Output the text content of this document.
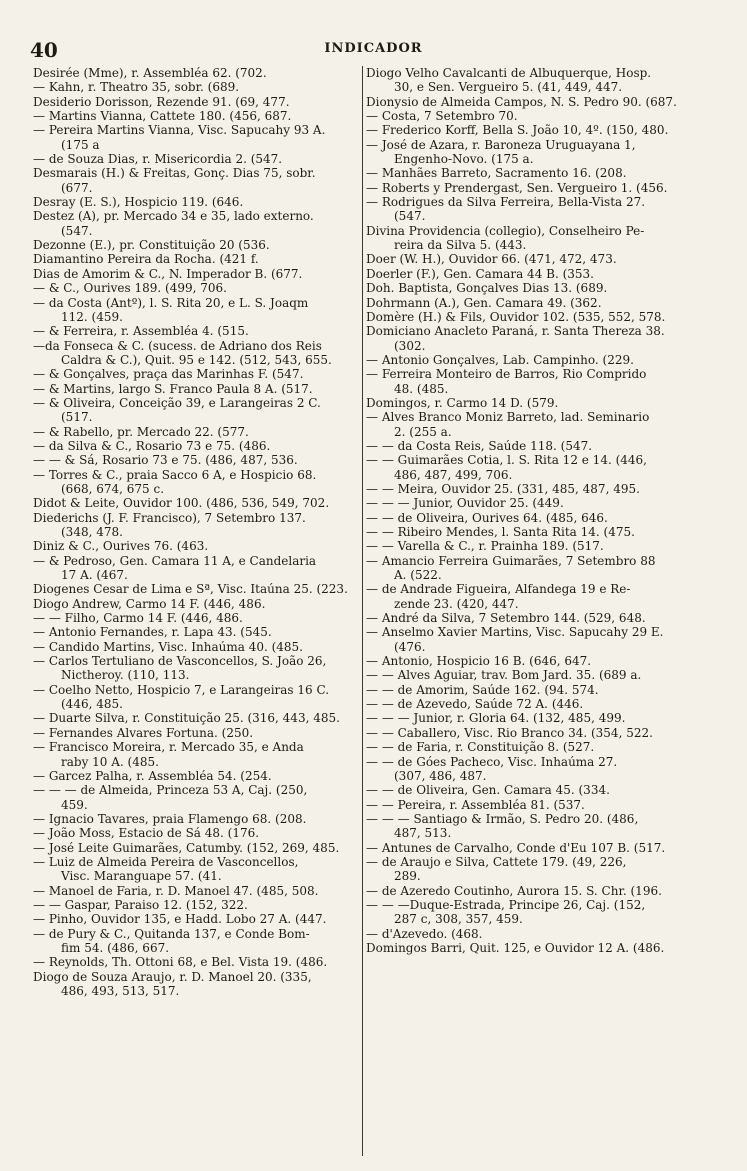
40	INDICADOR
Desirée (Mme), r. Assembléa 62. (702.
— Kahn, r. Theatro 35, sobr. (689.
Desiderio Dorisson, Rezende 91. (69, 477.
— Martins Vianna, Cattete 180. (456, 687.
— Pereira Martins Vianna, Visc. Sapucahy 93 A.
(175 a
— de Souza Dias, r. Misericordia 2. (547.
Desmarais (H.) & Freitas, Gonç. Dias 75, sobr.
(677.
Desray (E. S.), Hospicio 119. (646.
Destez (A), pr. Mercado 34 e 35, lado externo.
(547.
Dezonne (E.), pr. Constituição 20 (536.
Diamantino Pereira da Rocha. (421 f.
Dias de Amorim & C., N. Imperador B. (677.
— & C., Ourives 189. (499, 706.
— da Costa (Antº), l. S. Rita 20, e L. S. Joaqm
112. (459.
— & Ferreira, r. Assembléa 4. (515.
—da Fonseca & C. (sucess. de Adriano dos Reis
Caldra & C.), Quit. 95 e 142. (512, 543, 655.
— & Gonçalves, praça das Marinhas F. (547.
— & Martins, largo S. Franco Paula 8 A. (517.
— & Oliveira, Conceição 39, e Larangeiras 2 C.
(517.
— & Rabello, pr. Mercado 22. (577.
— da Silva & C., Rosario 73 e 75. (486.
— — & Sá, Rosario 73 e 75. (486, 487, 536.
— Torres & C., praia Sacco 6 A, e Hospicio 68.
(668, 674, 675 c.
Didot & Leite, Ouvidor 100. (486, 536, 549, 702.
Diederichs (J. F. Francisco), 7 Setembro 137.
(348, 478.
Diniz & C., Ourives 76. (463.
— & Pedroso, Gen. Camara 11 A, e Candelaria
17 A. (467.
Diogenes Cesar de Lima e Sª, Visc. Itaúna 25. (223.
Diogo Andrew, Carmo 14 F. (446, 486.
— — Filho, Carmo 14 F. (446, 486.
— Antonio Fernandes, r. Lapa 43. (545.
— Candido Martins, Visc. Inhaúma 40. (485.
— Carlos Tertuliano de Vasconcellos, S. João 26,
Nictheroy. (110, 113.
— Coelho Netto, Hospicio 7, e Larangeiras 16 C.
(446, 485.
— Duarte Silva, r. Constituição 25. (316, 443, 485.
— Fernandes Alvares Fortuna. (250.
— Francisco Moreira, r. Mercado 35, e Anda
raby 10 A. (485.
— Garcez Palha, r. Assembléa 54. (254.
— — — de Almeida, Princeza 53 A, Caj. (250,
459.
— Ignacio Tavares, praia Flamengo 68. (208.
— João Moss, Estacio de Sá 48. (176.
— José Leite Guimarães, Catumby. (152, 269, 485.
— Luiz de Almeida Pereira de Vasconcellos,
Visc. Maranguape 57. (41.
— Manoel de Faria, r. D. Manoel 47. (485, 508.
— — Gaspar, Paraiso 12. (152, 322.
— Pinho, Ouvidor 135, e Hadd. Lobo 27 A. (447.
— de Pury & C., Quitanda 137, e Conde Bom-
fim 54. (486, 667.
— Reynolds, Th. Ottoni 68, e Bel. Vista 19. (486.
Diogo de Souza Araujo, r. D. Manoel 20. (335,
486, 493, 513, 517.
Diogo Velho Cavalcanti de Albuquerque, Hosp.
30, e Sen. Vergueiro 5. (41, 449, 447.
Dionysio de Almeida Campos, N. S. Pedro 90. (687.
— Costa, 7 Setembro 70.
— Frederico Korff, Bella S. João 10, 4º. (150, 480.
— José de Azara, r. Baroneza Uruguayana 1,
Engenho-Novo. (175 a.
— Manhães Barreto, Sacramento 16. (208.
— Roberts y Prendergast, Sen. Vergueiro 1. (456.
— Rodrigues da Silva Ferreira, Bella-Vista 27.
(547.
Divina Providencia (collegio), Conselheiro Pe-
reira da Silva 5. (443.
Doer (W. H.), Ouvidor 66. (471, 472, 473.
Doerler (F.), Gen. Camara 44 B. (353.
Doh. Baptista, Gonçalves Dias 13. (689.
Dohrmann (A.), Gen. Camara 49. (362.
Domère (H.) & Fils, Ouvidor 102. (535, 552, 578.
Domiciano Anacleto Paraná, r. Santa Thereza 38.
(302.
— Antonio Gonçalves, Lab. Campinho. (229.
— Ferreira Monteiro de Barros, Rio Comprido
48. (485.
Domingos, r. Carmo 14 D. (579.
— Alves Branco Moniz Barreto, lad. Seminario
2. (255 a.
— — da Costa Reis, Saúde 118. (547.
— — Guimarães Cotia, l. S. Rita 12 e 14. (446,
486, 487, 499, 706.
— — Meira, Ouvidor 25. (331, 485, 487, 495.
— — — Junior, Ouvidor 25. (449.
— — de Oliveira, Ourives 64. (485, 646.
— — Ribeiro Mendes, l. Santa Rita 14. (475.
— — Varella & C., r. Prainha 189. (517.
— Amancio Ferreira Guimarães, 7 Setembro 88
A. (522.
— de Andrade Figueira, Alfandega 19 e Re-
zende 23. (420, 447.
— André da Silva, 7 Setembro 144. (529, 648.
— Anselmo Xavier Martins, Visc. Sapucahy 29 E.
(476.
— Antonio, Hospicio 16 B. (646, 647.
— — Alves Aguiar, trav. Bom Jard. 35. (689 a.
— — de Amorim, Saúde 162. (94. 574.
— — de Azevedo, Saúde 72 A. (446.
— — — Junior, r. Gloria 64. (132, 485, 499.
— — Caballero, Visc. Rio Branco 34. (354, 522.
— — de Faria, r. Constituição 8. (527.
— — de Góes Pacheco, Visc. Inhaúma 27.
(307, 486, 487.
— — de Oliveira, Gen. Camara 45. (334.
— — Pereira, r. Assembléa 81. (537.
— — — Santiago & Irmão, S. Pedro 20. (486,
487, 513.
— Antunes de Carvalho, Conde d'Eu 107 B. (517.
— de Araujo e Silva, Cattete 179. (49, 226,
289.
— de Azeredo Coutinho, Aurora 15. S. Chr. (196.
— — —Duque-Estrada, Principe 26, Caj. (152,
287 c, 308, 357, 459.
— d'Azevedo. (468.
Domingos Barri, Quit. 125, e Ouvidor 12 A. (486.
